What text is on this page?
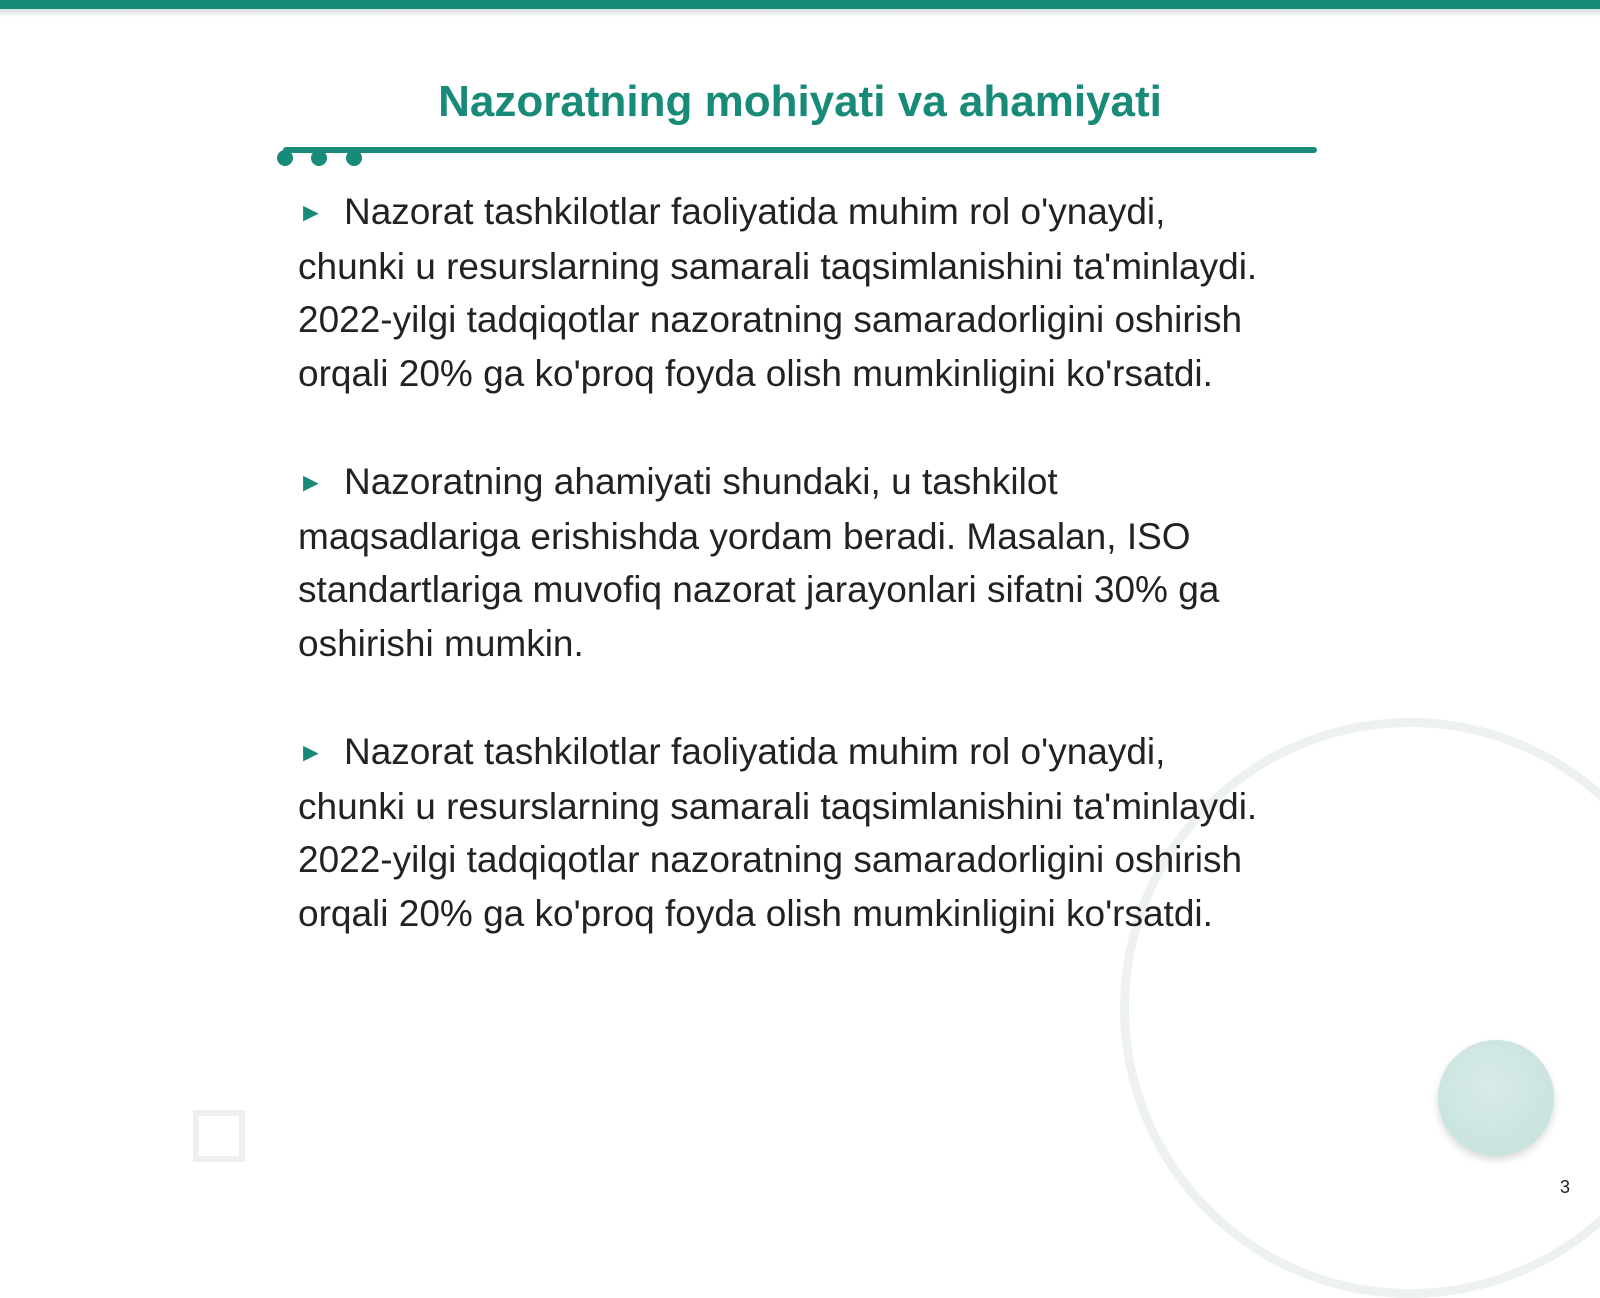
Nazoratning mohiyati va ahamiyati

► Nazorat tashkilotlar faoliyatida muhim rol o'ynaydi, chunki u resurslarning samarali taqsimlanishini ta'minlaydi. 2022-yilgi tadqiqotlar nazoratning samaradorligini oshirish orqali 20% ga ko'proq foyda olish mumkinligini ko'rsatdi.

► Nazoratning ahamiyati shundaki, u tashkilot maqsadlariga erishishda yordam beradi. Masalan, ISO standartlariga muvofiq nazorat jarayonlari sifatni 30% ga oshirishi mumkin.

► Nazorat tashkilotlar faoliyatida muhim rol o'ynaydi, chunki u resurslarning samarali taqsimlanishini ta'minlaydi. 2022-yilgi tadqiqotlar nazoratning samaradorligini oshirish orqali 20% ga ko'proq foyda olish mumkinligini ko'rsatdi.

3
